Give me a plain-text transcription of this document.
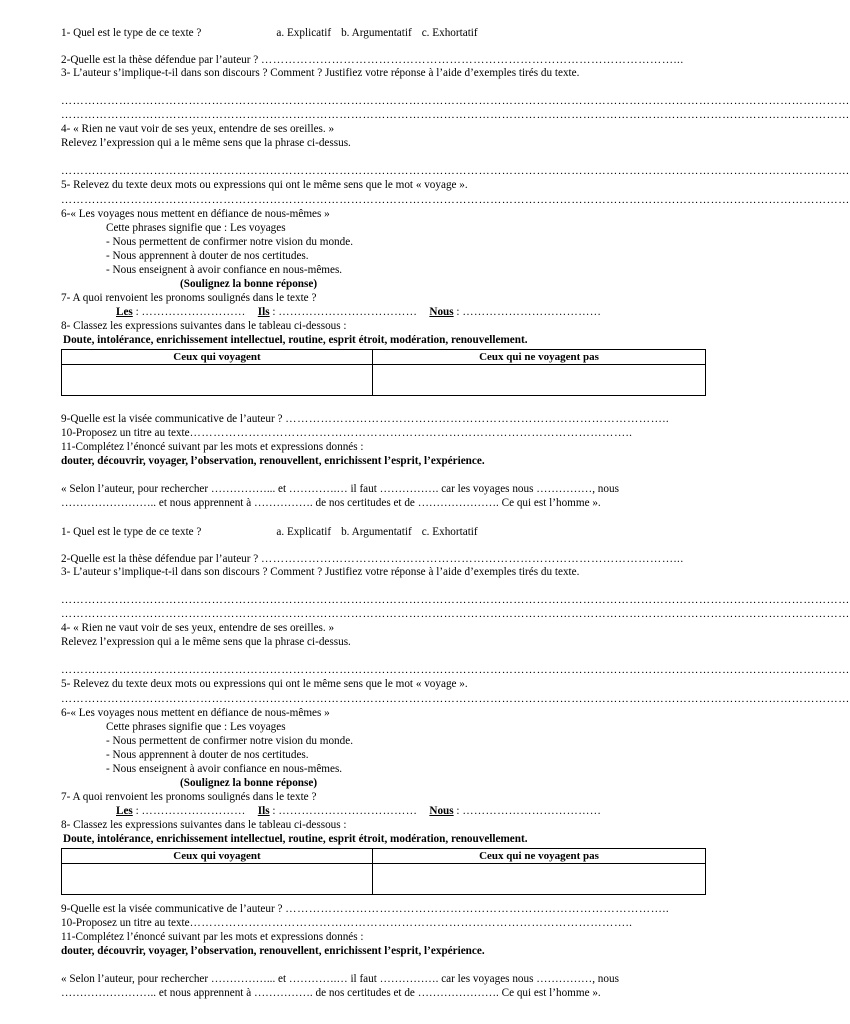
1- Quel est le type de ce texte ?	a. Explicatif b. Argumentatif c. Exhortatif
2-Quelle est la thèse défendue par l’auteur ? ……………………………………………………………………………………………...
3- L’auteur s’implique-t-il dans son discours ? Comment ? Justifiez votre réponse à l’aide d’exemples tirés du texte.
……………………………………………………………………………………………………………………………………………………………………………………
……………………………………………………………………………………………………………………………………………………………………………………
4- « Rien ne vaut voir de ses yeux, entendre de ses oreilles. »
Relevez l’expression qui a le même sens que la phrase ci-dessus.
……………………………………………………………………………………………………………………………………………………………………………………
5- Relevez du texte deux mots ou expressions qui ont le même sens que le mot « voyage ».
……………………………………………………………………………………………………………………………………………………………………………………
6-« Les voyages nous mettent en défiance de nous-mêmes »
Cette phrases signifie que : Les voyages
- Nous permettent de confirmer notre vision du monde.
- Nous apprennent à douter de nos certitudes.
- Nous enseignent à avoir confiance en nous-mêmes.
(Soulignez la bonne réponse)
7- A quoi renvoient les pronoms soulignés dans le texte ?
Les : ……………………… Ils : ……………………………… Nous : ………………………………
8- Classez les expressions suivantes dans le tableau ci-dessous :
Doute, intolérance, enrichissement intellectuel, routine, esprit étroit, modération, renouvellement.
Ceux qui voyagent	Ceux qui ne voyagent pas

9-Quelle est la visée communicative de l’auteur ? ……………………………………………………………………………………..
10-Proposez un titre au texte…………………………………………………………………………………………………..
11-Complétez l’énoncé suivant par les mots et expressions donnés :
douter, découvrir, voyager, l’observation, renouvellent, enrichissent l’esprit, l’expérience.
« Selon l’auteur, pour rechercher ……………... et ………….… il faut ……………. car les voyages nous ……………, nous
…………………….. et nous apprennent à ……………. de nos certitudes et de …………………. Ce qui est l’homme ».
1- Quel est le type de ce texte ?	a. Explicatif b. Argumentatif c. Exhortatif
2-Quelle est la thèse défendue par l’auteur ? ……………………………………………………………………………………………...
3- L’auteur s’implique-t-il dans son discours ? Comment ? Justifiez votre réponse à l’aide d’exemples tirés du texte.
……………………………………………………………………………………………………………………………………………………………………………………
……………………………………………………………………………………………………………………………………………………………………………………
4- « Rien ne vaut voir de ses yeux, entendre de ses oreilles. »
Relevez l’expression qui a le même sens que la phrase ci-dessus.
……………………………………………………………………………………………………………………………………………………………………………………
5- Relevez du texte deux mots ou expressions qui ont le même sens que le mot « voyage ».
……………………………………………………………………………………………………………………………………………………………………………………
6-« Les voyages nous mettent en défiance de nous-mêmes »
Cette phrases signifie que : Les voyages
- Nous permettent de confirmer notre vision du monde.
- Nous apprennent à douter de nos certitudes.
- Nous enseignent à avoir confiance en nous-mêmes.
(Soulignez la bonne réponse)
7- A quoi renvoient les pronoms soulignés dans le texte ?
Les : ……………………… Ils : ……………………………… Nous : ………………………………
8- Classez les expressions suivantes dans le tableau ci-dessous :
Doute, intolérance, enrichissement intellectuel, routine, esprit étroit, modération, renouvellement.
Ceux qui voyagent	Ceux qui ne voyagent pas

9-Quelle est la visée communicative de l’auteur ? ……………………………………………………………………………………..
10-Proposez un titre au texte…………………………………………………………………………………………………..
11-Complétez l’énoncé suivant par les mots et expressions donnés :
douter, découvrir, voyager, l’observation, renouvellent, enrichissent l’esprit, l’expérience.
« Selon l’auteur, pour rechercher ……………... et ………….… il faut ……………. car les voyages nous ……………, nous
…………………….. et nous apprennent à ……………. de nos certitudes et de …………………. Ce qui est l’homme ».
